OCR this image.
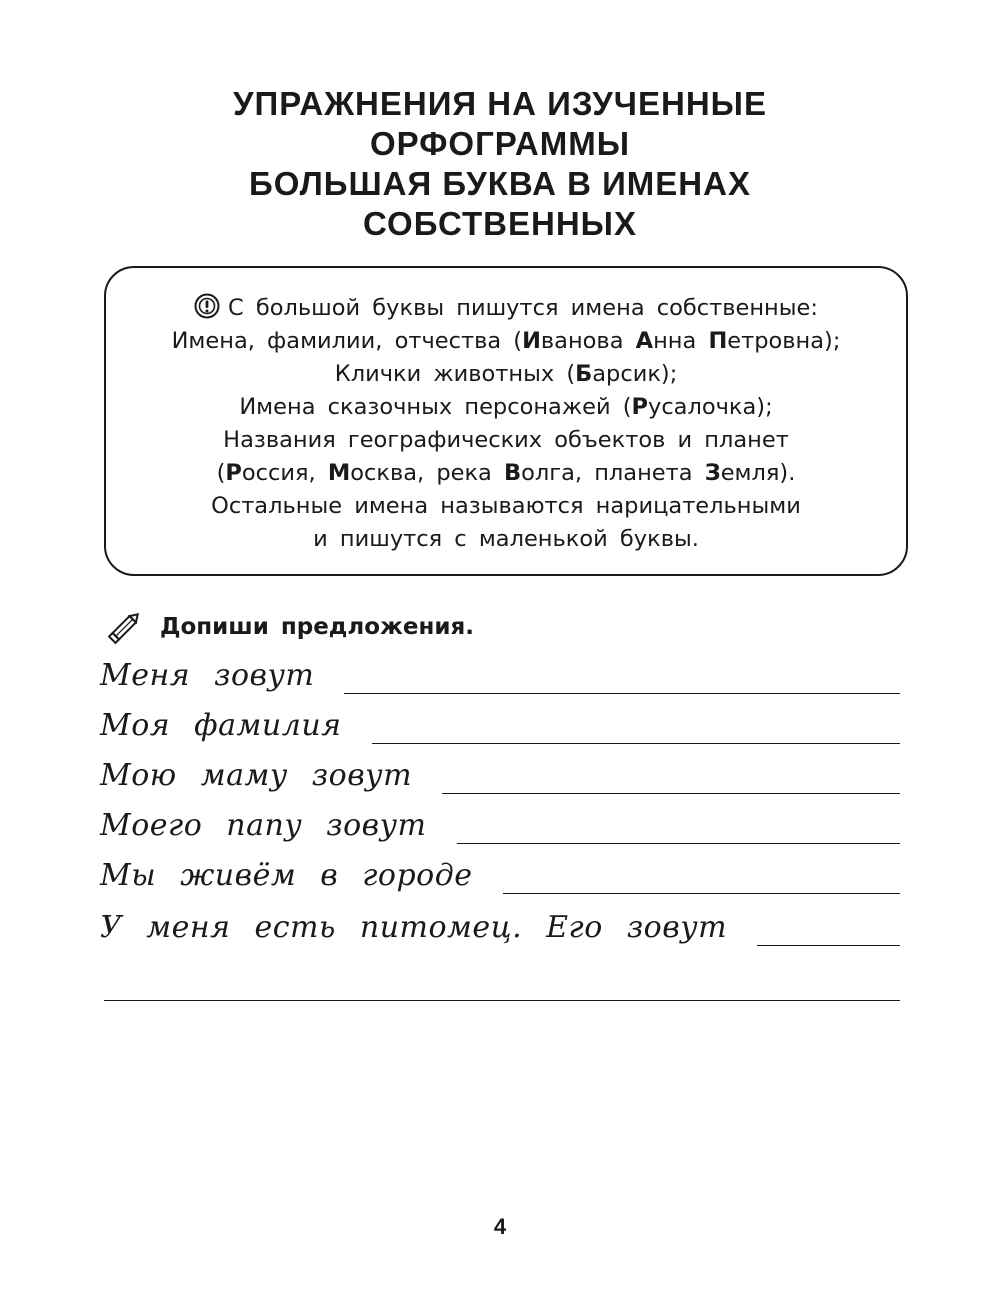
УПРАЖНЕНИЯ НА ИЗУЧЕННЫЕ
ОРФОГРАММЫ
БОЛЬШАЯ БУКВА В ИМЕНАХ
СОБСТВЕННЫХ
С большой буквы пишутся имена собственные:
Имена, фамилии, отчества (Иванова Анна Петровна);
Клички животных (Барсик);
Имена сказочных персонажей (Русалочка);
Названия географических объектов и планет
(Россия, Москва, река Волга, планета Земля).
Остальные имена называются нарицательными
и пишутся с маленькой буквы.
Допиши предложения.
Меня зовут
Моя фамилия
Мою маму зовут
Моего папу зовут
Мы живём в городе
У меня есть питомец. Его зовут
4
